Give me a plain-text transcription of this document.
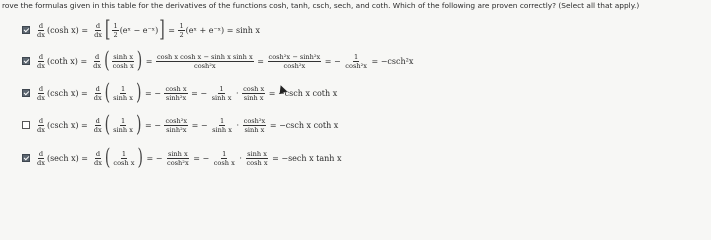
rove the formulas given in this table for the derivatives of the functions cosh, tanh, csch, sech, and coth. Which of the following are proven correctly? (Select all that apply.)
$\frac{d}{dx} (\cosh$ $x) = \frac{d}{dx}$ [ $\frac{1}{2}$ (eˣ − e⁻ˣ) ] = $\frac{1}{2}$ (eˣ + e⁻ˣ) = sinh x
$\frac{d}{dx} (\cot h$ $x) = \frac{d}{dx}$ ( $\frac{\text{sinh x}}{\text{cosh x}}$ ) = $\frac{\text{cosh x cosh x − sinh x sinh x}}{\text{cosh²x}} = \frac{\text{cosh²x − sinh²x}}{\text{cosh²x}}$ = − $\frac{1}{\text{cosh²x}} = -\csc h^2x$
$\frac{d}{dx} (\csc h$ $x) = \frac{d}{dx}$ ( $\frac{1}{\text{sinh x}}$ ) = − $\frac{\text{cosh x}}{\text{sinh²x}}$ = − $\frac{1}{\text{sinh x}} \cdot \frac{\text{cosh x}}{\text{sinh x}} = -\csc h$ x coth x
$\frac{d}{dx} (\csc h$ $x) = \frac{d}{dx}$ ( $\frac{1}{\text{sinh x}}$ ) = − $\frac{\text{cosh²x}}{\text{sinh²x}}$ = − $\frac{1}{\text{sinh x}} \cdot \frac{\text{cosh²x}}{\text{sinh x}} = -\csc h$ x coth x
$\frac{d}{dx} (\sec h$ $x) = \frac{d}{dx}$ ( $\frac{1}{\text{cosh x}}$ ) = − $\frac{\text{sinh x}}{\text{cosh²x}}$ = − $\frac{1}{\text{cosh x}} \cdot \frac{\text{sinh x}}{\text{cosh x}} = -\sec h$ x tanh x
